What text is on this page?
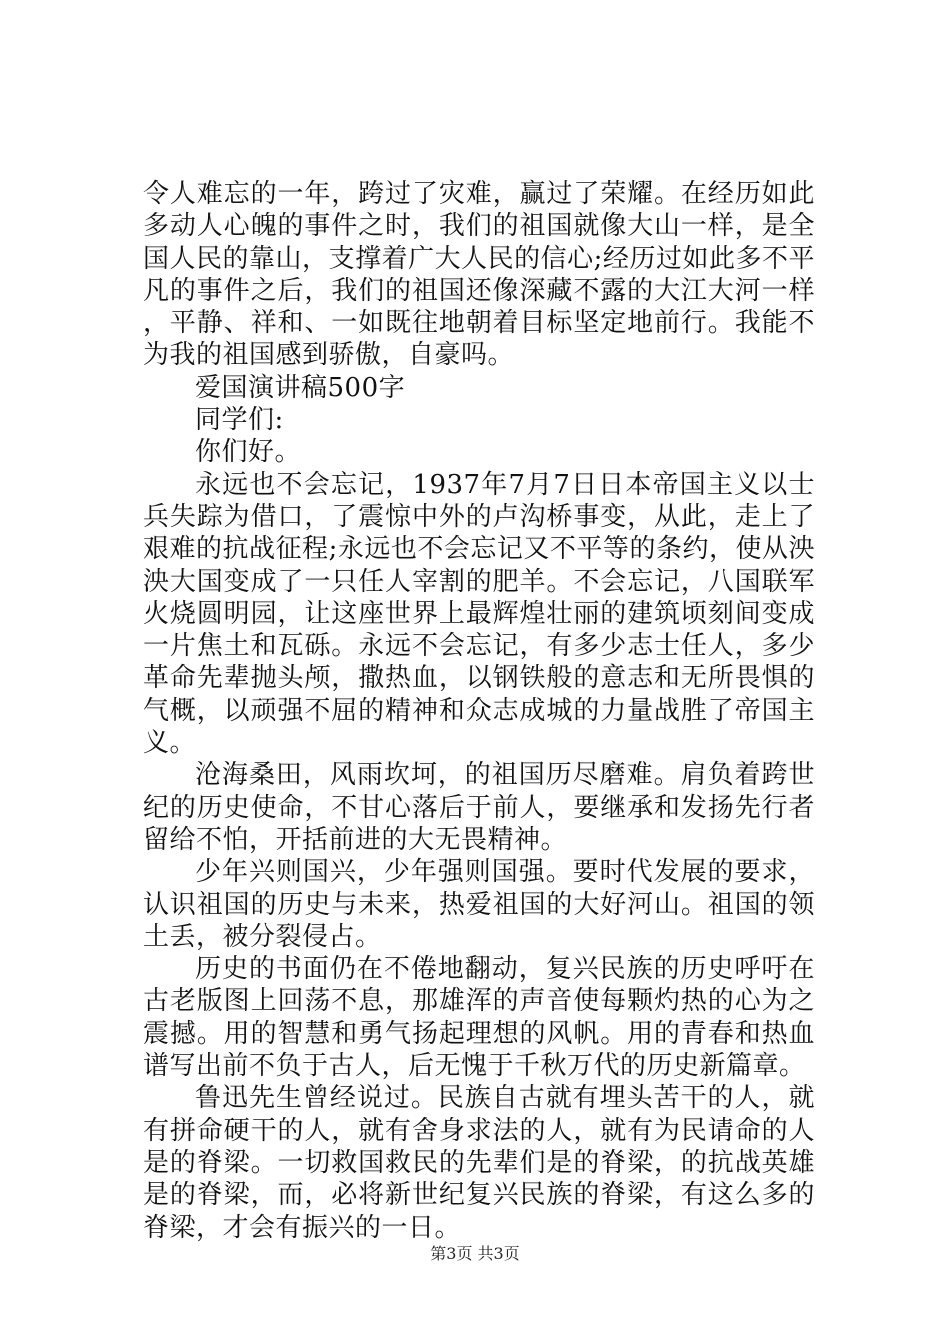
令人难忘的一年，跨过了灾难，赢过了荣耀。在经历如此多动人心魄的事件之时，我们的祖国就像大山一样，是全国人民的靠山，支撑着广大人民的信心;经历过如此多不平凡的事件之后，我们的祖国还像深藏不露的大江大河一样，平静、祥和、一如既往地朝着目标坚定地前行。我能不为我的祖国感到骄傲，自豪吗。

爱国演讲稿500字

同学们:

你们好。

永远也不会忘记，1937年7月7日日本帝国主义以士兵失踪为借口，了震惊中外的卢沟桥事变，从此，走上了艰难的抗战征程;永远也不会忘记又不平等的条约，使从泱泱大国变成了一只任人宰割的肥羊。不会忘记，八国联军火烧圆明园，让这座世界上最辉煌壮丽的建筑顷刻间变成一片焦土和瓦砾。永远不会忘记，有多少志士任人，多少革命先辈抛头颅，撒热血，以钢铁般的意志和无所畏惧的气概，以顽强不屈的精神和众志成城的力量战胜了帝国主义。

沧海桑田，风雨坎坷，的祖国历尽磨难。肩负着跨世纪的历史使命，不甘心落后于前人，要继承和发扬先行者留给不怕，开括前进的大无畏精神。

少年兴则国兴，少年强则国强。要时代发展的要求，认识祖国的历史与未来，热爱祖国的大好河山。祖国的领土丢，被分裂侵占。

历史的书面仍在不倦地翻动，复兴民族的历史呼吁在古老版图上回荡不息，那雄浑的声音使每颗灼热的心为之震撼。用的智慧和勇气扬起理想的风帆。用的青春和热血谱写出前不负于古人，后无愧于千秋万代的历史新篇章。

鲁迅先生曾经说过。民族自古就有埋头苦干的人，就有拼命硬干的人，就有舍身求法的人，就有为民请命的人是的脊梁。一切救国救民的先辈们是的脊梁，的抗战英雄是的脊梁，而，必将新世纪复兴民族的脊梁，有这么多的脊梁，才会有振兴的一日。

第3页 共3页
